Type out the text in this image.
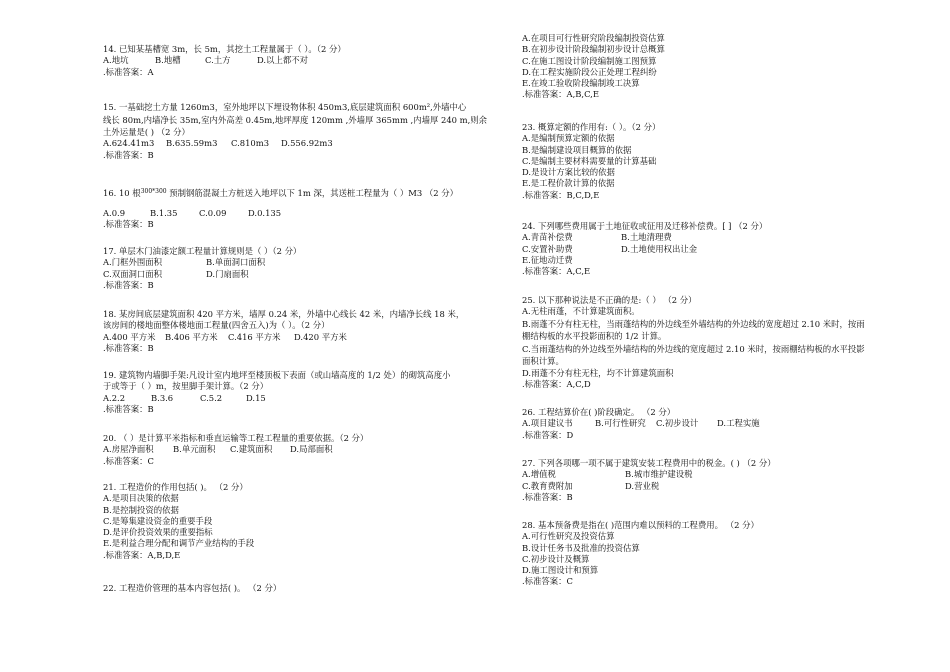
14. 已知某基槽宽 3m，长 5m，其挖土工程量属于（ ）。（2 分）
A.地坑	B.地槽	C.土方	D.以上都不对
.标准答案：A
15. 一基础挖土方量 1260m3，室外地坪以下埋设物体积 450m3,底层建筑面积 600m²,外墙中心
线长 80m,内墙净长 35m,室内外高差 0.45m,地坪厚度 120mm ,外墙厚 365mm ,内墙厚 240 m,则余
土外运量是( ) （2 分）
A.624.41m3 B.635.59m3 C.810m3 D.556.92m3
.标准答案：B
16. 10 根$^{300*300}$ 预制钢筋混凝土方桩送入地坪以下 1m 深，其送桩工程量为（ ）M3 （2 分）
A.0.9	B.1.35	C.0.09	D.0.135
.标准答案：B
17. 单层木门油漆定额工程量计算规则是（ ）（2 分）
A.门框外围面积	B.单面洞口面积
C.双面洞口面积	D.门扇面积
.标准答案：B
18. 某房间底层建筑面积 420 平方米，墙厚 0.24 米，外墙中心线长 42 米，内墙净长线 18 米，
该房间的楼地面整体楼地面工程量(四舍五入)为（ ）。（2 分）
A.400 平方米 B.406 平方米 C.416 平方米 D.420 平方米
.标准答案：B
19. 建筑物内墙脚手架:凡设计室内地坪至楼顶板下表面（或山墙高度的 1/2 处）的砌筑高度小
于或等于（ ）m，按里脚手架计算。（2 分）
A.2.2	B.3.6	C.5.2	D.15
.标准答案：B
20. （ ）是计算平米指标和垂直运输等工程工程量的重要依据。（2 分）
A.房屋净面积 B.单元面积 C.建筑面积 D.局部面积
.标准答案：C
21. 工程造价的作用包括( )。 （2 分）
A.是项目决策的依据
B.是控制投资的依据
C.是筹集建设资金的重要手段
D.是评价投资效果的重要指标
E.是利益合理分配和调节产业结构的手段
.标准答案：A,B,D,E
22. 工程造价管理的基本内容包括( )。 （2 分）
A.在项目可行性研究阶段编制投资估算
B.在初步设计阶段编制初步设计总概算
C.在施工图设计阶段编制施工图预算
D.在工程实施阶段公正处理工程纠纷
E.在竣工验收阶段编制竣工决算
.标准答案：A,B,C,E
23. 概算定额的作用有:（ ）。（2 分）
A.是编制预算定额的依据
B.是编制建设项目概算的依据
C.是编制主要材料需要量的计算基础
D.是设计方案比较的依据
E.是工程价款计算的依据
.标准答案：B,C,D,E
24. 下列哪些费用属于土地征收或征用及迁移补偿费。[ ] （2 分）
A.青苗补偿费	B.土地清理费
C.安置补助费	D.土地使用权出让金
E.征地动迁费
.标准答案：A,C,E
25. 以下那种说法是不正确的是:（ ） （2 分）
A.无柱雨蓬，不计算建筑面积。
B.雨蓬不分有柱无柱，当雨蓬结构的外边线至外墙结构的外边线的宽度超过 2.10 米时，按雨
棚结构板的水平投影面积的 1/2 计算。
C.当雨蓬结构的外边线至外墙结构的外边线的宽度超过 2.10 米时，按雨棚结构板的水平投影
面积计算。
D.雨蓬不分有柱无柱，均不计算建筑面积
.标准答案：A,C,D
26. 工程结算价在( )阶段确定。 （2 分）
A.项目建议书	B.可行性研究 C.初步设计 D.工程实施
.标准答案：D
27. 下列各项哪一项不属于建筑安装工程费用中的税金。( ) （2 分）
A.增值税	B.城市维护建设税
C.教育费附加	D.营业税
.标准答案：B
28. 基本预备费是指在( )范围内难以预料的工程费用。 （2 分）
A.可行性研究及投资估算
B.设计任务书及批准的投资估算
C.初步设计及概算
D.施工图设计和预算
.标准答案：C
